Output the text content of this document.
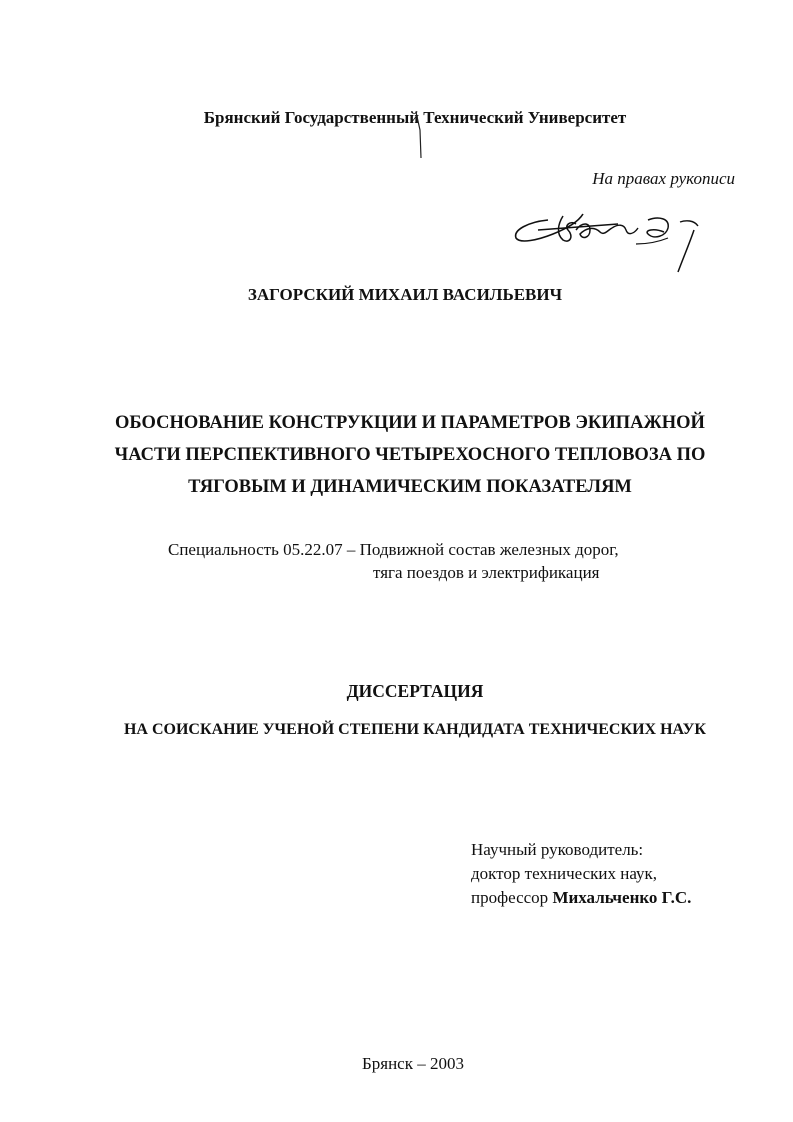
Брянский Государственный Технический Университет
На правах рукописи
ЗАГОРСКИЙ МИХАИЛ ВАСИЛЬЕВИЧ
ОБОСНОВАНИЕ КОНСТРУКЦИИ И ПАРАМЕТРОВ ЭКИПАЖНОЙ
ЧАСТИ ПЕРСПЕКТИВНОГО ЧЕТЫРЕХОСНОГО ТЕПЛОВОЗА ПО
ТЯГОВЫМ И ДИНАМИЧЕСКИМ ПОКАЗАТЕЛЯМ
Специальность 05.22.07 – Подвижной состав железных дорог,
тяга поездов и электрификация
ДИССЕРТАЦИЯ
НА СОИСКАНИЕ УЧЕНОЙ СТЕПЕНИ КАНДИДАТА ТЕХНИЧЕСКИХ НАУК
Научный руководитель:
доктор технических наук,
профессор Михальченко Г.С.
Брянск – 2003
